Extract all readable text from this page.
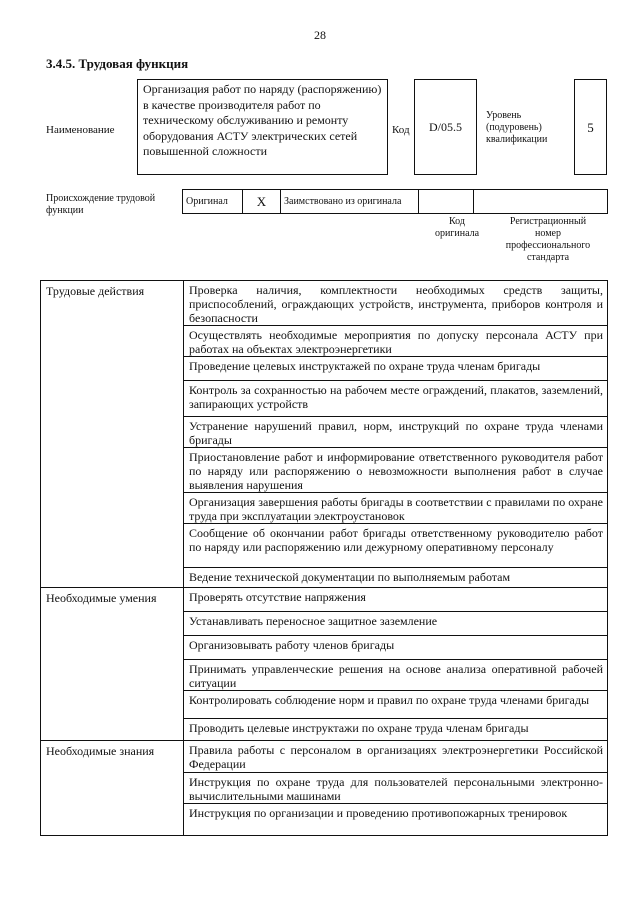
28
3.4.5. Трудовая функция
Наименование
Организация работ по наряду (распоряжению) в качестве производителя работ по техническому обслуживанию и ремонту оборудования АСТУ электрических сетей повышенной сложности
Код D/05.5
Уровень (подуровень) квалификации
5
Происхождение трудовой функции
Оригинал	X	Заимствовано из оригинала		
Код оригинала
Регистрационный номер профессионального стандарта
Трудовые действия	Проверка наличия, комплектности необходимых средств защиты, приспособлений, ограждающих устройств, инструмента, приборов контроля и безопасности
	Осуществлять необходимые мероприятия по допуску персонала АСТУ при работах на объектах электроэнергетики
	Проведение целевых инструктажей по охране труда членам бригады
	Контроль за сохранностью на рабочем месте ограждений, плакатов, заземлений, запирающих устройств
	Устранение нарушений правил, норм, инструкций по охране труда членами бригады
	Приостановление работ и информирование ответственного руководителя работ по наряду или распоряжению о невозможности выполнения работ в случае выявления нарушения
	Организация завершения работы бригады в соответствии с правилами по охране труда при эксплуатации электроустановок
	Сообщение об окончании работ бригады ответственному руководителю работ по наряду или распоряжению или дежурному оперативному персоналу
	Ведение технической документации по выполняемым работам
Необходимые умения	Проверять отсутствие напряжения
	Устанавливать переносное защитное заземление
	Организовывать работу членов бригады
	Принимать управленческие решения на основе анализа оперативной рабочей ситуации
	Контролировать соблюдение норм и правил по охране труда членами бригады
	Проводить целевые инструктажи по охране труда членам бригады
Необходимые знания	Правила работы с персоналом в организациях электроэнергетики Российской Федерации
	Инструкция по охране труда для пользователей персональными электронно-вычислительными машинами
	Инструкция по организации и проведению противопожарных тренировок
